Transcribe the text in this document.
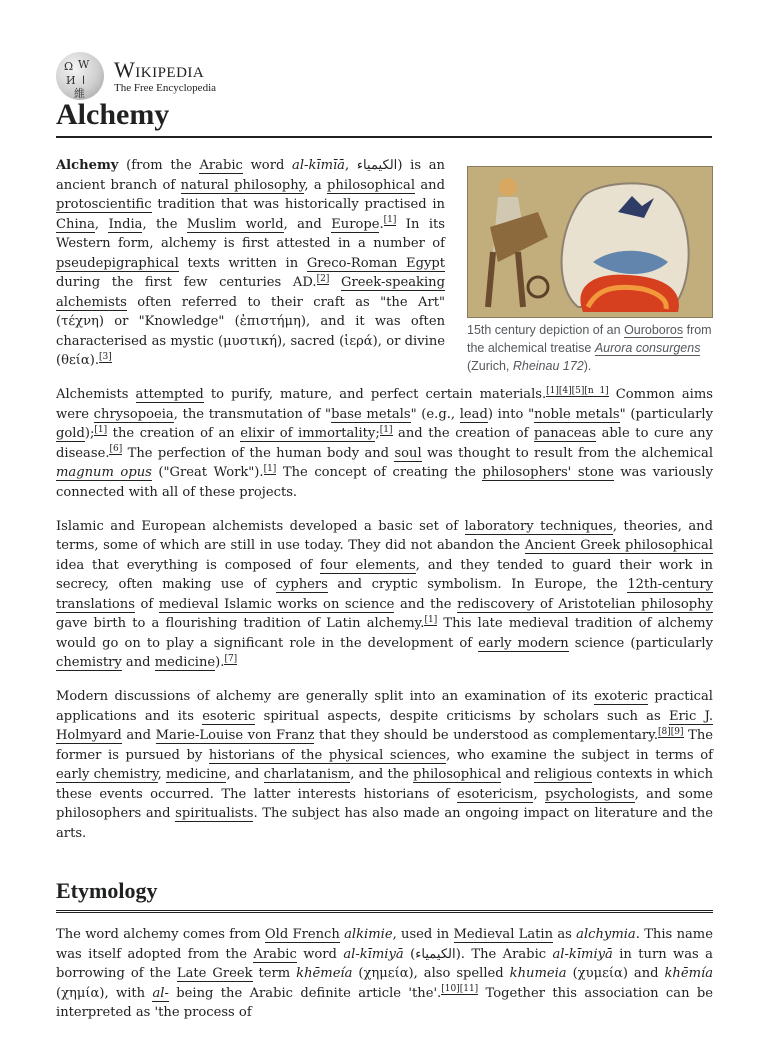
Ω W
И ا
維
Wikipedia
The Free Encyclopedia
Alchemy
15th century depiction of an Ouroboros from the alchemical treatise Aurora consurgens (Zurich, Rheinau 172).

Alchemy (from the Arabic word al-kīmīā, الكيمياء) is an ancient branch of natural philosophy, a philosophical and protoscientific tradition that was historically practised in China, India, the Muslim world, and Europe.[1] In its Western form, alchemy is first attested in a number of pseudepigraphical texts written in Greco-Roman Egypt during the first few centuries AD.[2] Greek-speaking alchemists often referred to their craft as "the Art" (τέχνη) or "Knowledge" (ἐπιστήμη), and it was often characterised as mystic (μυστική), sacred (ἱɛρά), or divine (θεία).[3]

Alchemists attempted to purify, mature, and perfect certain materials.[1][4][5][n 1] Common aims were chrysopoeia, the transmutation of "base metals" (e.g., lead) into "noble metals" (particularly gold);[1] the creation of an elixir of immortality;[1] and the creation of panaceas able to cure any disease.[6] The perfection of the human body and soul was thought to result from the alchemical magnum opus ("Great Work").[1] The concept of creating the philosophers' stone was variously connected with all of these projects.

Islamic and European alchemists developed a basic set of laboratory techniques, theories, and terms, some of which are still in use today. They did not abandon the Ancient Greek philosophical idea that everything is composed of four elements, and they tended to guard their work in secrecy, often making use of cyphers and cryptic symbolism. In Europe, the 12th-century translations of medieval Islamic works on science and the rediscovery of Aristotelian philosophy gave birth to a flourishing tradition of Latin alchemy.[1] This late medieval tradition of alchemy would go on to play a significant role in the development of early modern science (particularly chemistry and medicine).[7]

Modern discussions of alchemy are generally split into an examination of its exoteric practical applications and its esoteric spiritual aspects, despite criticisms by scholars such as Eric J. Holmyard and Marie-Louise von Franz that they should be understood as complementary.[8][9] The former is pursued by historians of the physical sciences, who examine the subject in terms of early chemistry, medicine, and charlatanism, and the philosophical and religious contexts in which these events occurred. The latter interests historians of esotericism, psychologists, and some philosophers and spiritualists. The subject has also made an ongoing impact on literature and the arts.

Etymology

The word alchemy comes from Old French alkimie, used in Medieval Latin as alchymia. This name was itself adopted from the Arabic word al-kīmiyā (الكيمياء). The Arabic al-kīmiyā in turn was a borrowing of the Late Greek term khēmeía (χημεία), also spelled khumeia (χυμεία) and khēmía (χημία), with al- being the Arabic definite article 'the'.[10][11] Together this association can be interpreted as 'the process of
